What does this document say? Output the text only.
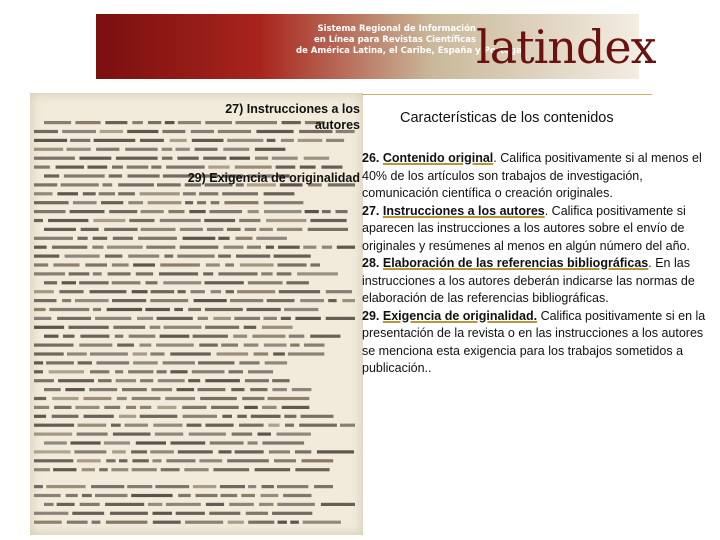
Sistema Regional de Información
en Línea para Revistas Científicas
de América Latina, el Caribe, España y Portugal
latindex
27) Instrucciones a los autores
29) Exigencia de originalidad
Características de los contenidos

26. Contenido original. Califica positivamente si al menos el 40% de los artículos son trabajos de investigación, comunicación científica o creación originales.

27. Instrucciones a los autores. Califica positivamente si aparecen las instrucciones a los autores sobre el envío de originales y resúmenes al menos en algún número del año.

28. Elaboración de las referencias bibliográficas. En las instrucciones a los autores deberán indicarse las normas de elaboración de las referencias bibliográficas.

29. Exigencia de originalidad. Califica positivamente si en la presentación de la revista o en las instrucciones a los autores se menciona esta exigencia para los trabajos sometidos a publicación..
